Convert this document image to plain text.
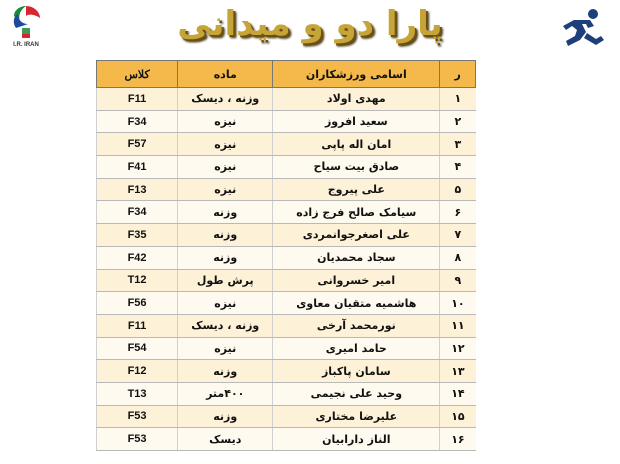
I.R. IRAN
پارا دو و میدانی
ر	اسامی ورزشکاران	ماده	کلاس
۱	مهدی اولاد	وزنه ، دیسک	F11
۲	سعید افروز	نیزه	F34
۳	امان اله پاپی	نیزه	F57
۴	صادق بیت سیاح	نیزه	F41
۵	علی پیروج	نیزه	F13
۶	سیامک صالح فرج زاده	وزنه	F34
۷	علی اصغرجوانمردی	وزنه	F35
۸	سجاد محمدیان	وزنه	F42
۹	امیر خسروانی	پرش طول	T12
۱۰	هاشمیه متقیان معاوی	نیزه	F56
۱۱	نورمحمد آرخی	وزنه ، دیسک	F11
۱۲	حامد امیری	نیزه	F54
۱۳	سامان پاکباز	وزنه	F12
۱۴	وحید علی نجیمی	۴۰۰متر	T13
۱۵	علیرضا مختاری	وزنه	F53
۱۶	الناز دارابیان	دیسک	F53
